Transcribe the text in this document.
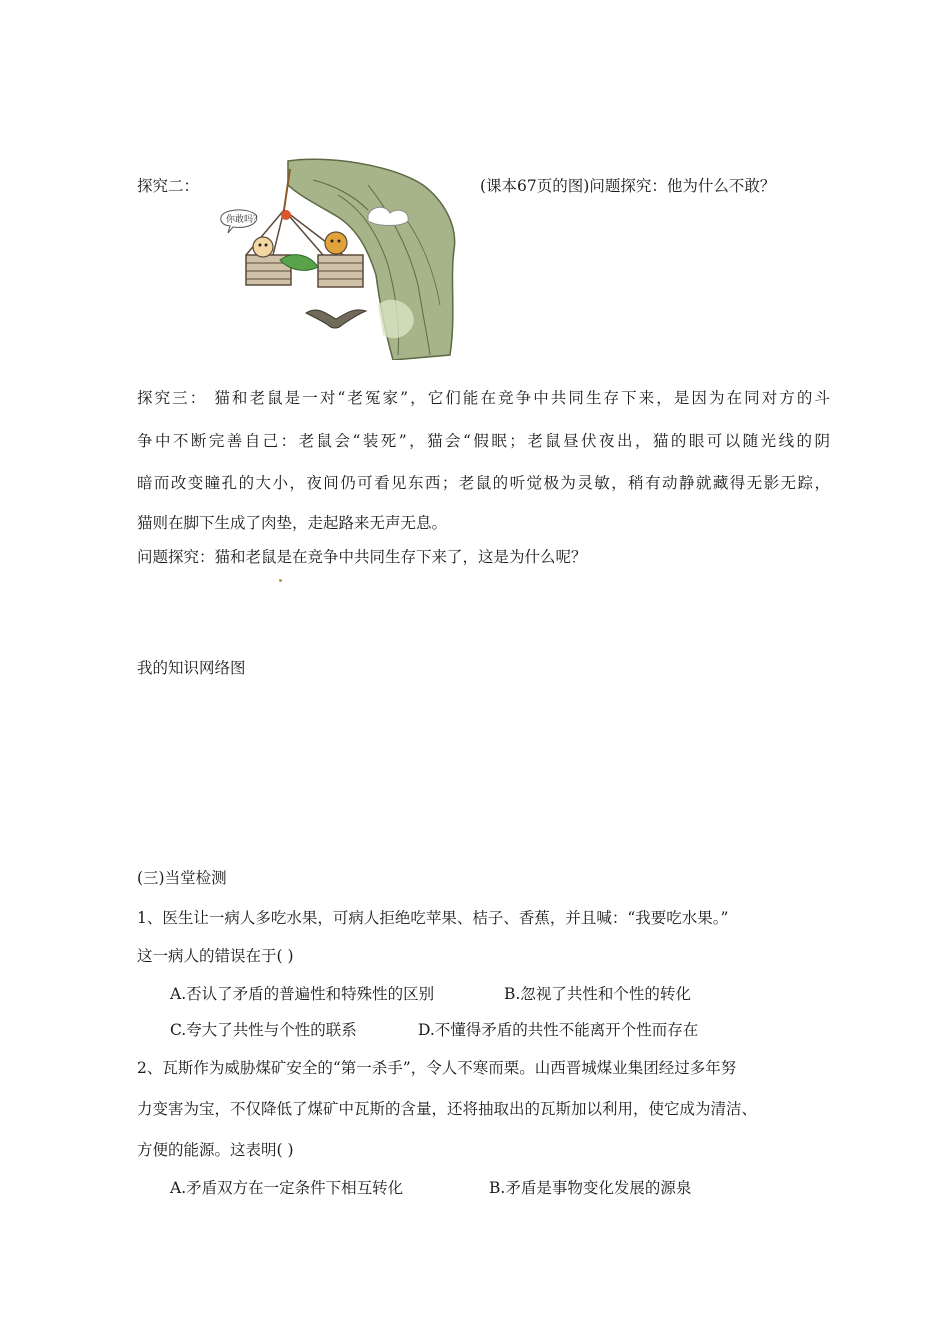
探究二：
你敢吗？
(课本67页的图)问题探究：他为什么不敢？
探究三： 猫和老鼠是一对“老冤家”，它们能在竞争中共同生存下来，是因为在同对方的斗
争中不断完善自己：老鼠会“装死”，猫会“假眠；老鼠昼伏夜出，猫的眼可以随光线的阴
暗而改变瞳孔的大小，夜间仍可看见东西；老鼠的听觉极为灵敏，稍有动静就藏得无影无踪，
猫则在脚下生成了肉垫，走起路来无声无息。
问题探究：猫和老鼠是在竞争中共同生存下来了，这是为什么呢？
我的知识网络图
(三)当堂检测
1、医生让一病人多吃水果，可病人拒绝吃苹果、桔子、香蕉，并且喊：“我要吃水果。”
这一病人的错误在于( )
A.否认了矛盾的普遍性和特殊性的区别	B.忽视了共性和个性的转化
C.夸大了共性与个性的联系	D.不懂得矛盾的共性不能离开个性而存在
2、瓦斯作为威胁煤矿安全的“第一杀手”，令人不寒而栗。山西晋城煤业集团经过多年努
力变害为宝，不仅降低了煤矿中瓦斯的含量，还将抽取出的瓦斯加以利用，使它成为清洁、
方便的能源。这表明( )
A.矛盾双方在一定条件下相互转化	B.矛盾是事物变化发展的源泉
